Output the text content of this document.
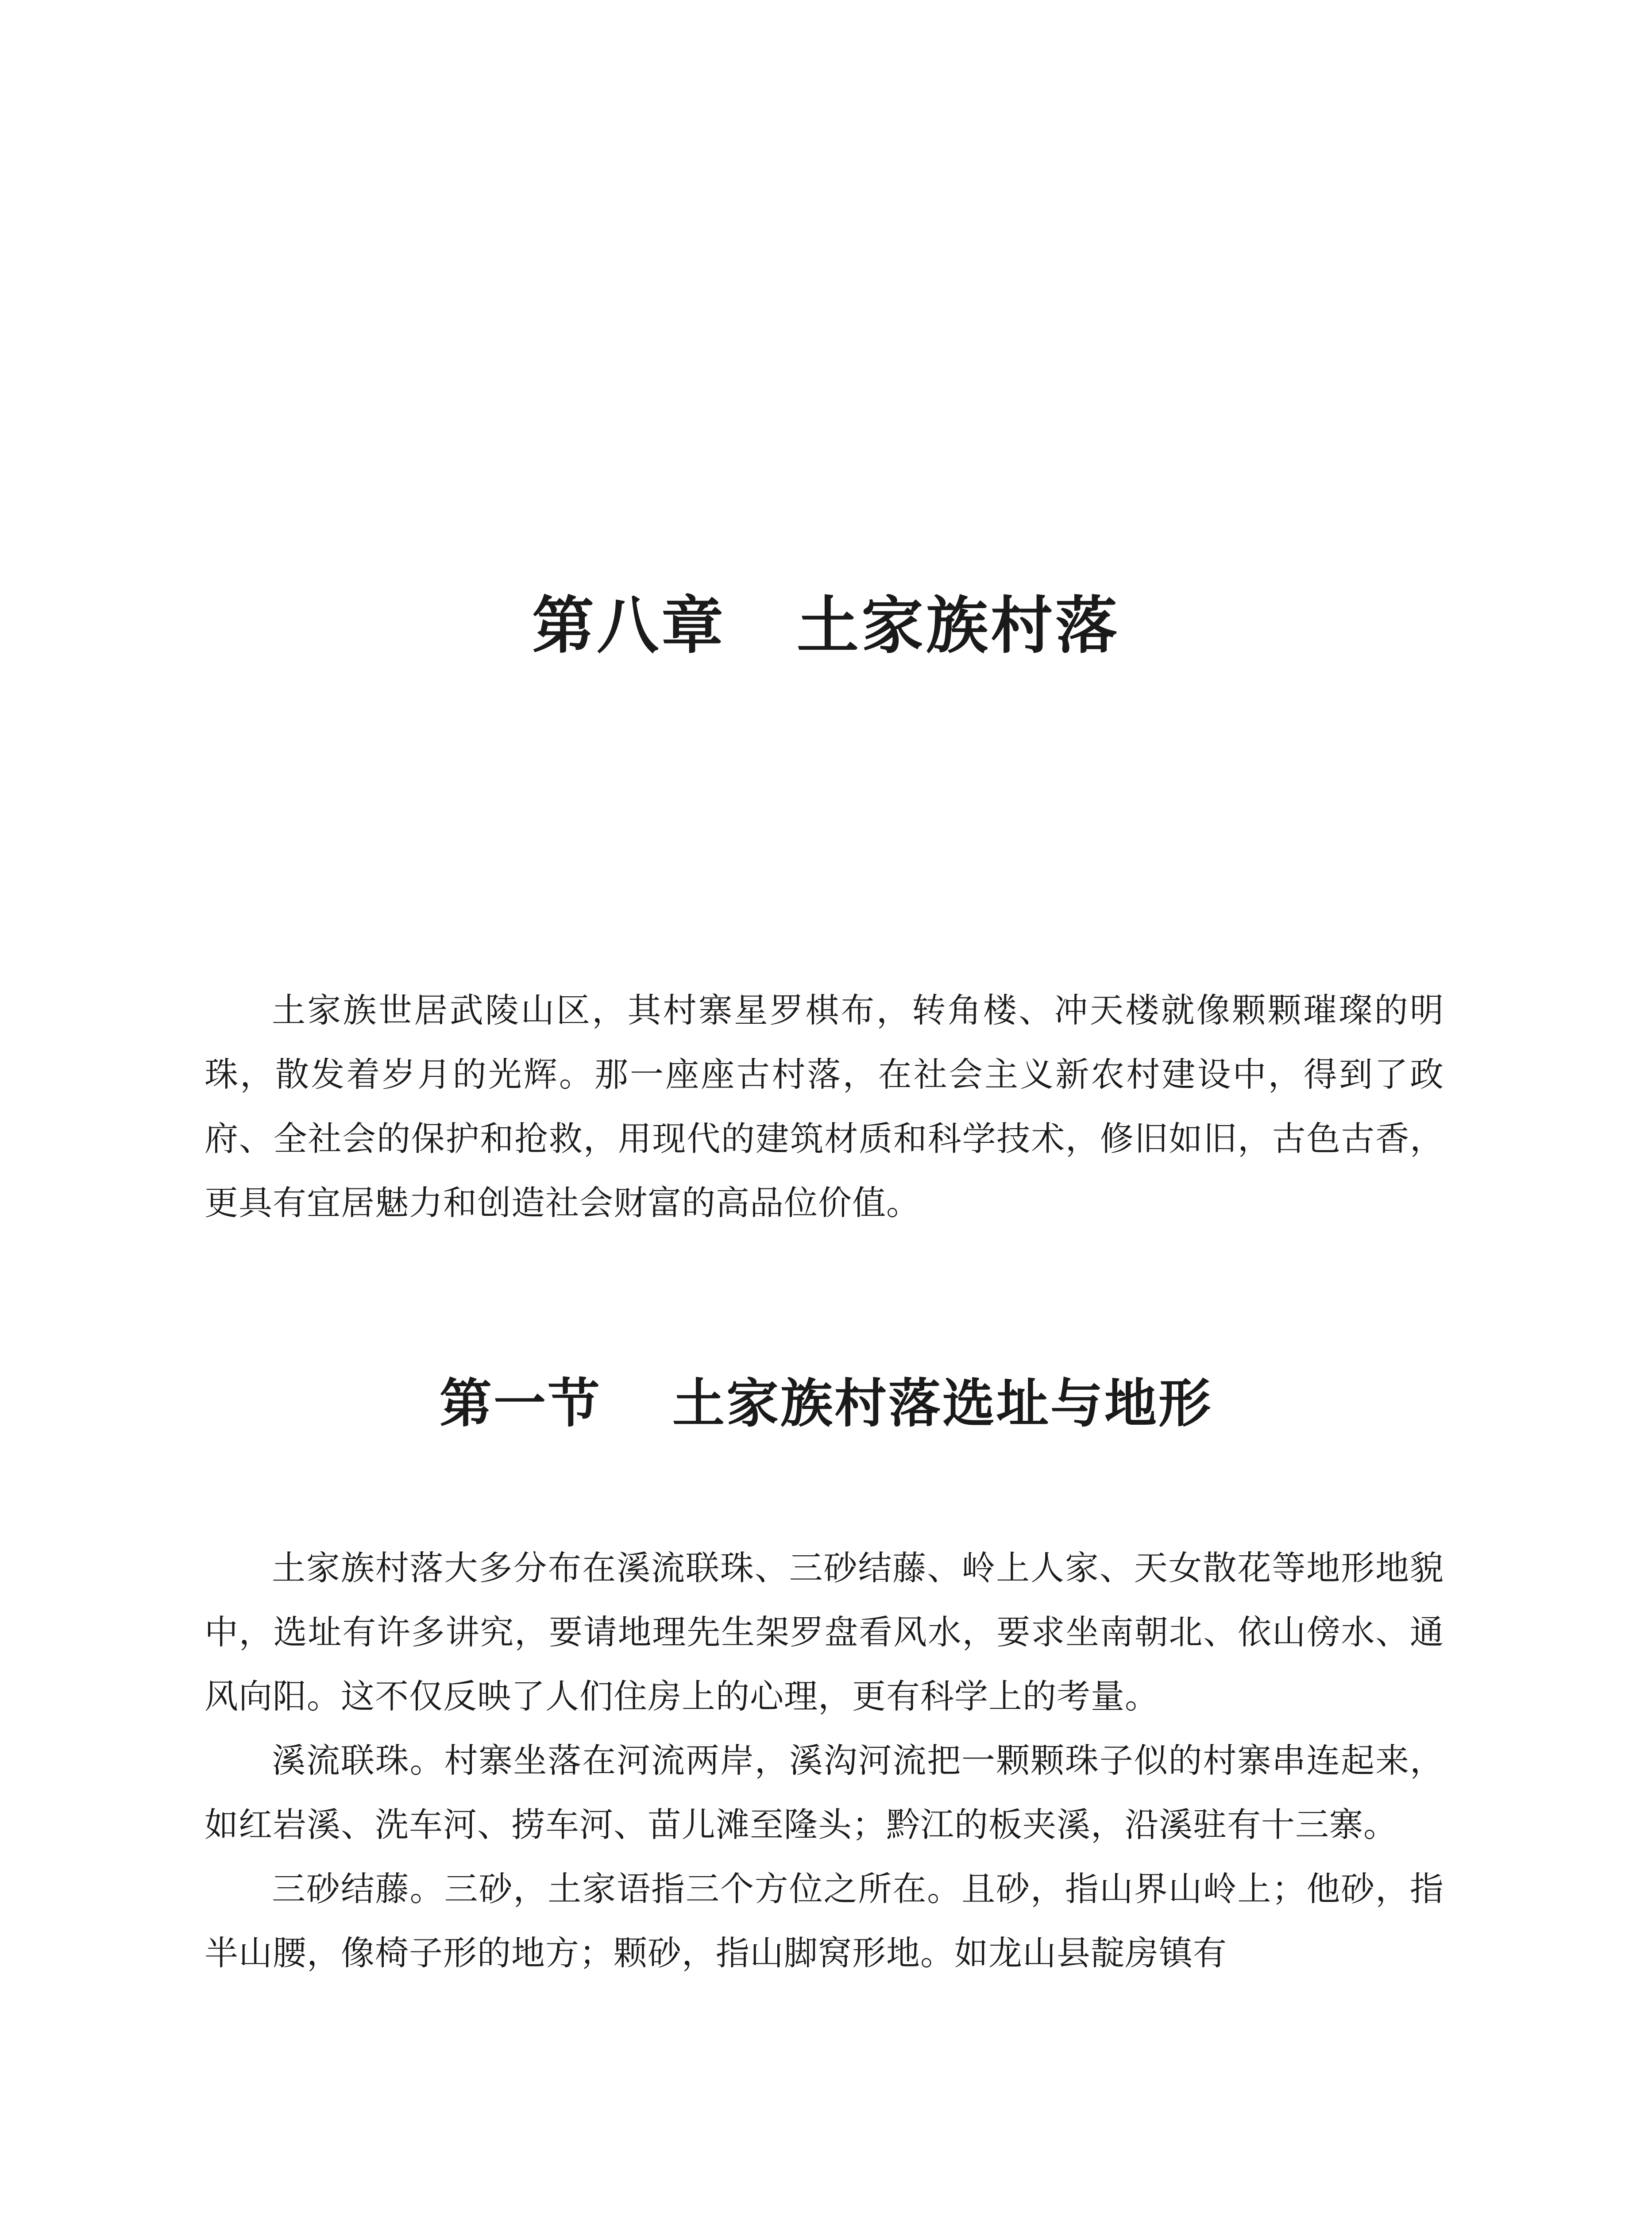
第八章 土家族村落

土家族世居武陵山区，其村寨星罗棋布，转角楼、冲天楼就像颗颗璀璨的明珠，散发着岁月的光辉。那一座座古村落，在社会主义新农村建设中，得到了政府、全社会的保护和抢救，用现代的建筑材质和科学技术，修旧如旧，古色古香，更具有宜居魅力和创造社会财富的高品位价值。

第一节 土家族村落选址与地形

土家族村落大多分布在溪流联珠、三砂结藤、岭上人家、天女散花等地形地貌中，选址有许多讲究，要请地理先生架罗盘看风水，要求坐南朝北、依山傍水、通风向阳。这不仅反映了人们住房上的心理，更有科学上的考量。

溪流联珠。村寨坐落在河流两岸，溪沟河流把一颗颗珠子似的村寨串连起来，如红岩溪、洗车河、捞车河、苗儿滩至隆头；黔江的板夹溪，沿溪驻有十三寨。

三砂结藤。三砂，土家语指三个方位之所在。且砂，指山界山岭上；他砂，指半山腰，像椅子形的地方；颗砂，指山脚窝形地。如龙山县靛房镇有
